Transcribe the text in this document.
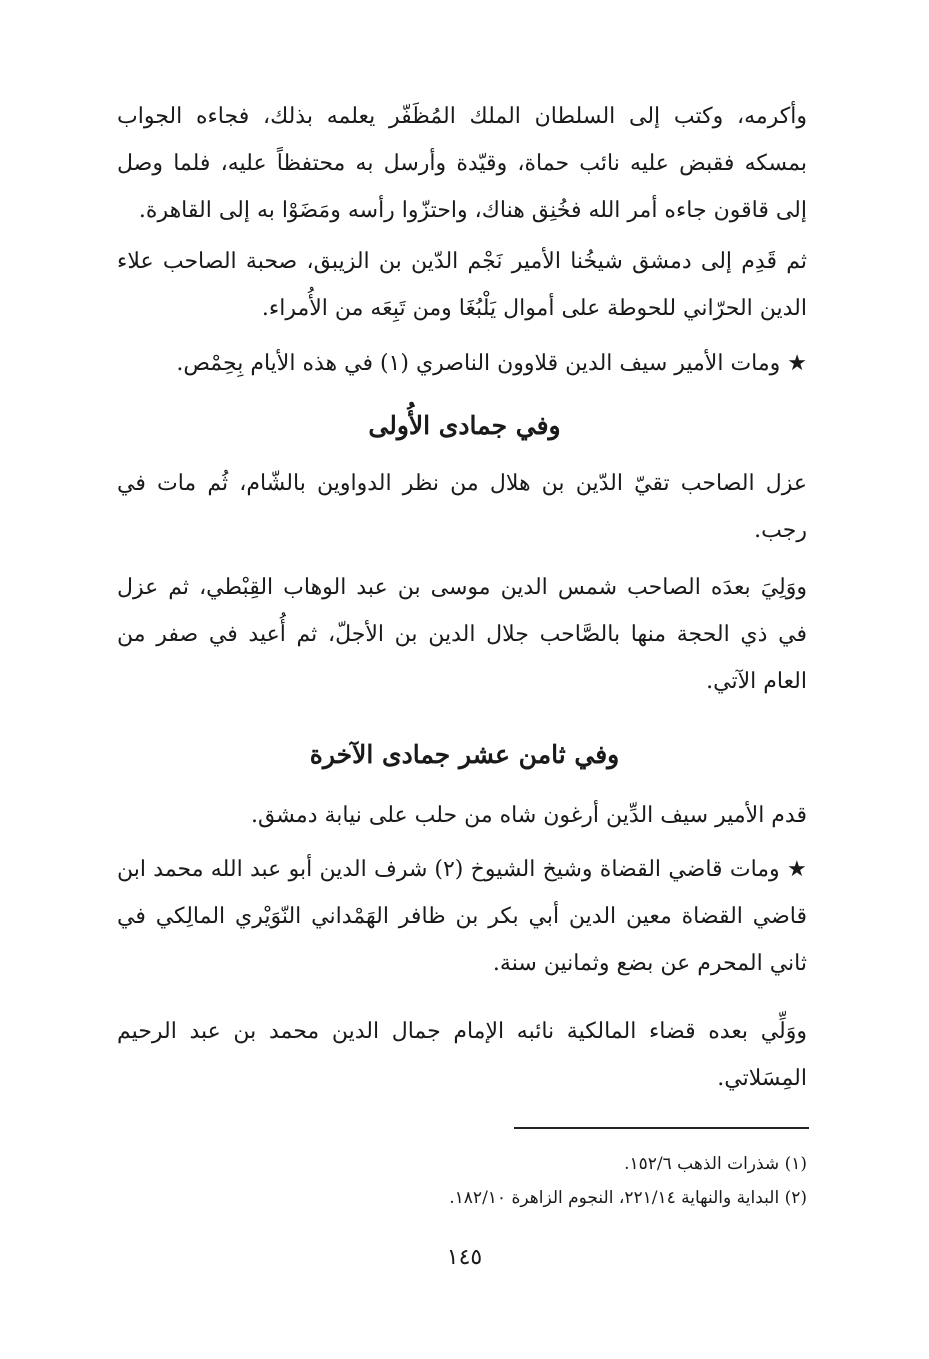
وأكرمه، وكتب إلى السلطان الملك المُظَفّر يعلمه بذلك، فجاءه الجواب بمسكه فقبض عليه نائب حماة، وقيّدة وأرسل به محتفظاً عليه، فلما وصل إلى قاقون جاءه أمر الله فخُنِق هناك، واحتزّوا رأسه ومَضَوْا به إلى القاهرة.

ثم قَدِم إلى دمشق شيخُنا الأمير نَجْم الدّين بن الزيبق، صحبة الصاحب علاء الدين الحرّاني للحوطة على أموال يَلْبُغَا ومن تَبِعَه من الأُمراء.

★ ومات الأمير سيف الدين قلاوون الناصري (١) في هذه الأيام بِحِمْص.

وفي جمادى الأُولى

عزل الصاحب تقيّ الدّين بن هلال من نظر الدواوين بالشّام، ثُم مات في رجب.

ووَلِيَ بعدَه الصاحب شمس الدين موسى بن عبد الوهاب القِبْطي، ثم عزل في ذي الحجة منها بالصَّاحب جلال الدين بن الأجلّ، ثم أُعيد في صفر من العام الآتي.

وفي ثامن عشر جمادى الآخرة

قدم الأمير سيف الدِّين أرغون شاه من حلب على نيابة دمشق.

★ ومات قاضي القضاة وشيخ الشيوخ (٢) شرف الدين أبو عبد الله محمد ابن قاضي القضاة معين الدين أبي بكر بن ظافر الهَمْداني النّوَيْري المالِكي في ثاني المحرم عن بضع وثمانين سنة.

ووَلِّي بعده قضاء المالكية نائبه الإمام جمال الدين محمد بن عبد الرحيم المِسَلاتي.

(١) شذرات الذهب ١٥٢/٦.

(٢) البداية والنهاية ٢٢١/١٤، النجوم الزاهرة ١٨٢/١٠.

١٤٥
